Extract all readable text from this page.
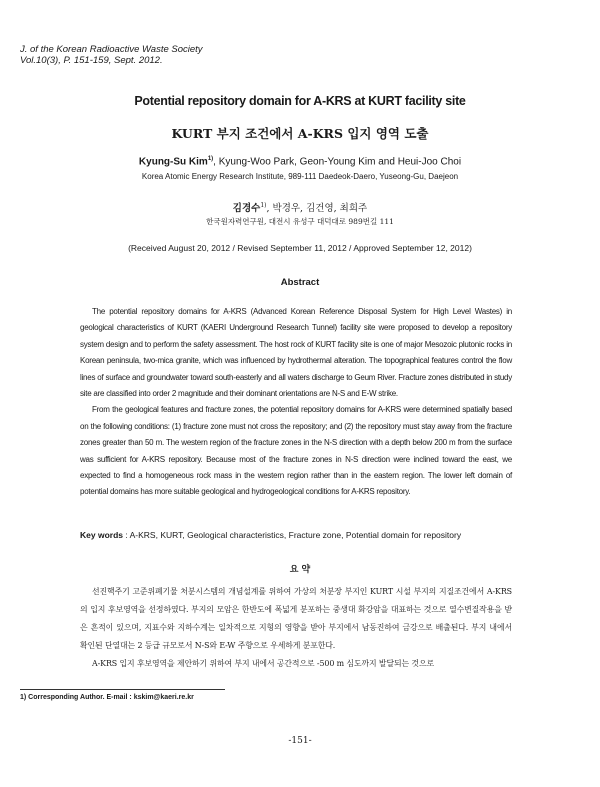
J. of the Korean Radioactive Waste Society
Vol.10(3), P. 151-159, Sept. 2012.
Potential repository domain for A-KRS at KURT facility site
KURT 부지 조건에서 A-KRS 입지 영역 도출
Kyung-Su Kim$^{1)}$, Kyung-Woo Park, Geon-Young Kim and Heui-Joo Choi
Korea Atomic Energy Research Institute, 989-111 Daedeok-Daero, Yuseong-Gu, Daejeon
김경수$^{1)}$, 박경우, 김건영, 최희주
한국원자력연구원, 대전시 유성구 대덕대로 989번길 111
(Received August 20, 2012 / Revised September 11, 2012 / Approved September 12, 2012)
Abstract

The potential repository domains for A-KRS (Advanced Korean Reference Disposal System for High Level Wastes) in geological characteristics of KURT (KAERI Underground Research Tunnel) facility site were proposed to develop a repository system design and to perform the safety assessment. The host rock of KURT facility site is one of major Mesozoic plutonic rocks in Korean peninsula, two-mica granite, which was influenced by hydrothermal alteration. The topographical features control the flow lines of surface and groundwater toward south-easterly and all waters discharge to Geum River. Fracture zones distributed in study site are classified into order 2 magnitude and their dominant orientations are N-S and E-W strike.

From the geological features and fracture zones, the potential repository domains for A-KRS were determined spatially based on the following conditions: (1) fracture zone must not cross the repository; and (2) the repository must stay away from the fracture zones greater than 50 m. The western region of the fracture zones in the N-S direction with a depth below 200 m from the surface was sufficient for A-KRS repository. Because most of the fracture zones in N-S direction were inclined toward the east, we expected to find a homogeneous rock mass in the western region rather than in the eastern region. The lower left domain of potential domains has more suitable geological and hydrogeological conditions for A-KRS repository.

Key words : A-KRS, KURT, Geological characteristics, Fracture zone, Potential domain for repository
요 약

선진핵주기 고준위폐기물 처분시스템의 개념설계를 위하여 가상의 처분장 부지인 KURT 시설 부지의 지질조건에서 A-KRS의 입지 후보영역을 선정하였다. 부지의 모암은 한반도에 폭넓게 분포하는 중생대 화강암을 대표하는 것으로 열수변질작용을 받은 흔적이 있으며, 지표수와 지하수계는 일차적으로 지형의 영향을 받아 부지에서 남동진하여 금강으로 배출된다. 부지 내에서 확인된 단열대는 2 등급 규모로서 N-S와 E-W 주향으로 우세하게 분포한다.

A-KRS 입지 후보영역을 제안하기 위하여 부지 내에서 공간적으로 -500 m 심도까지 발달되는 것으로

1) Corresponding Author. E-mail : kskim@kaeri.re.kr
-151-
